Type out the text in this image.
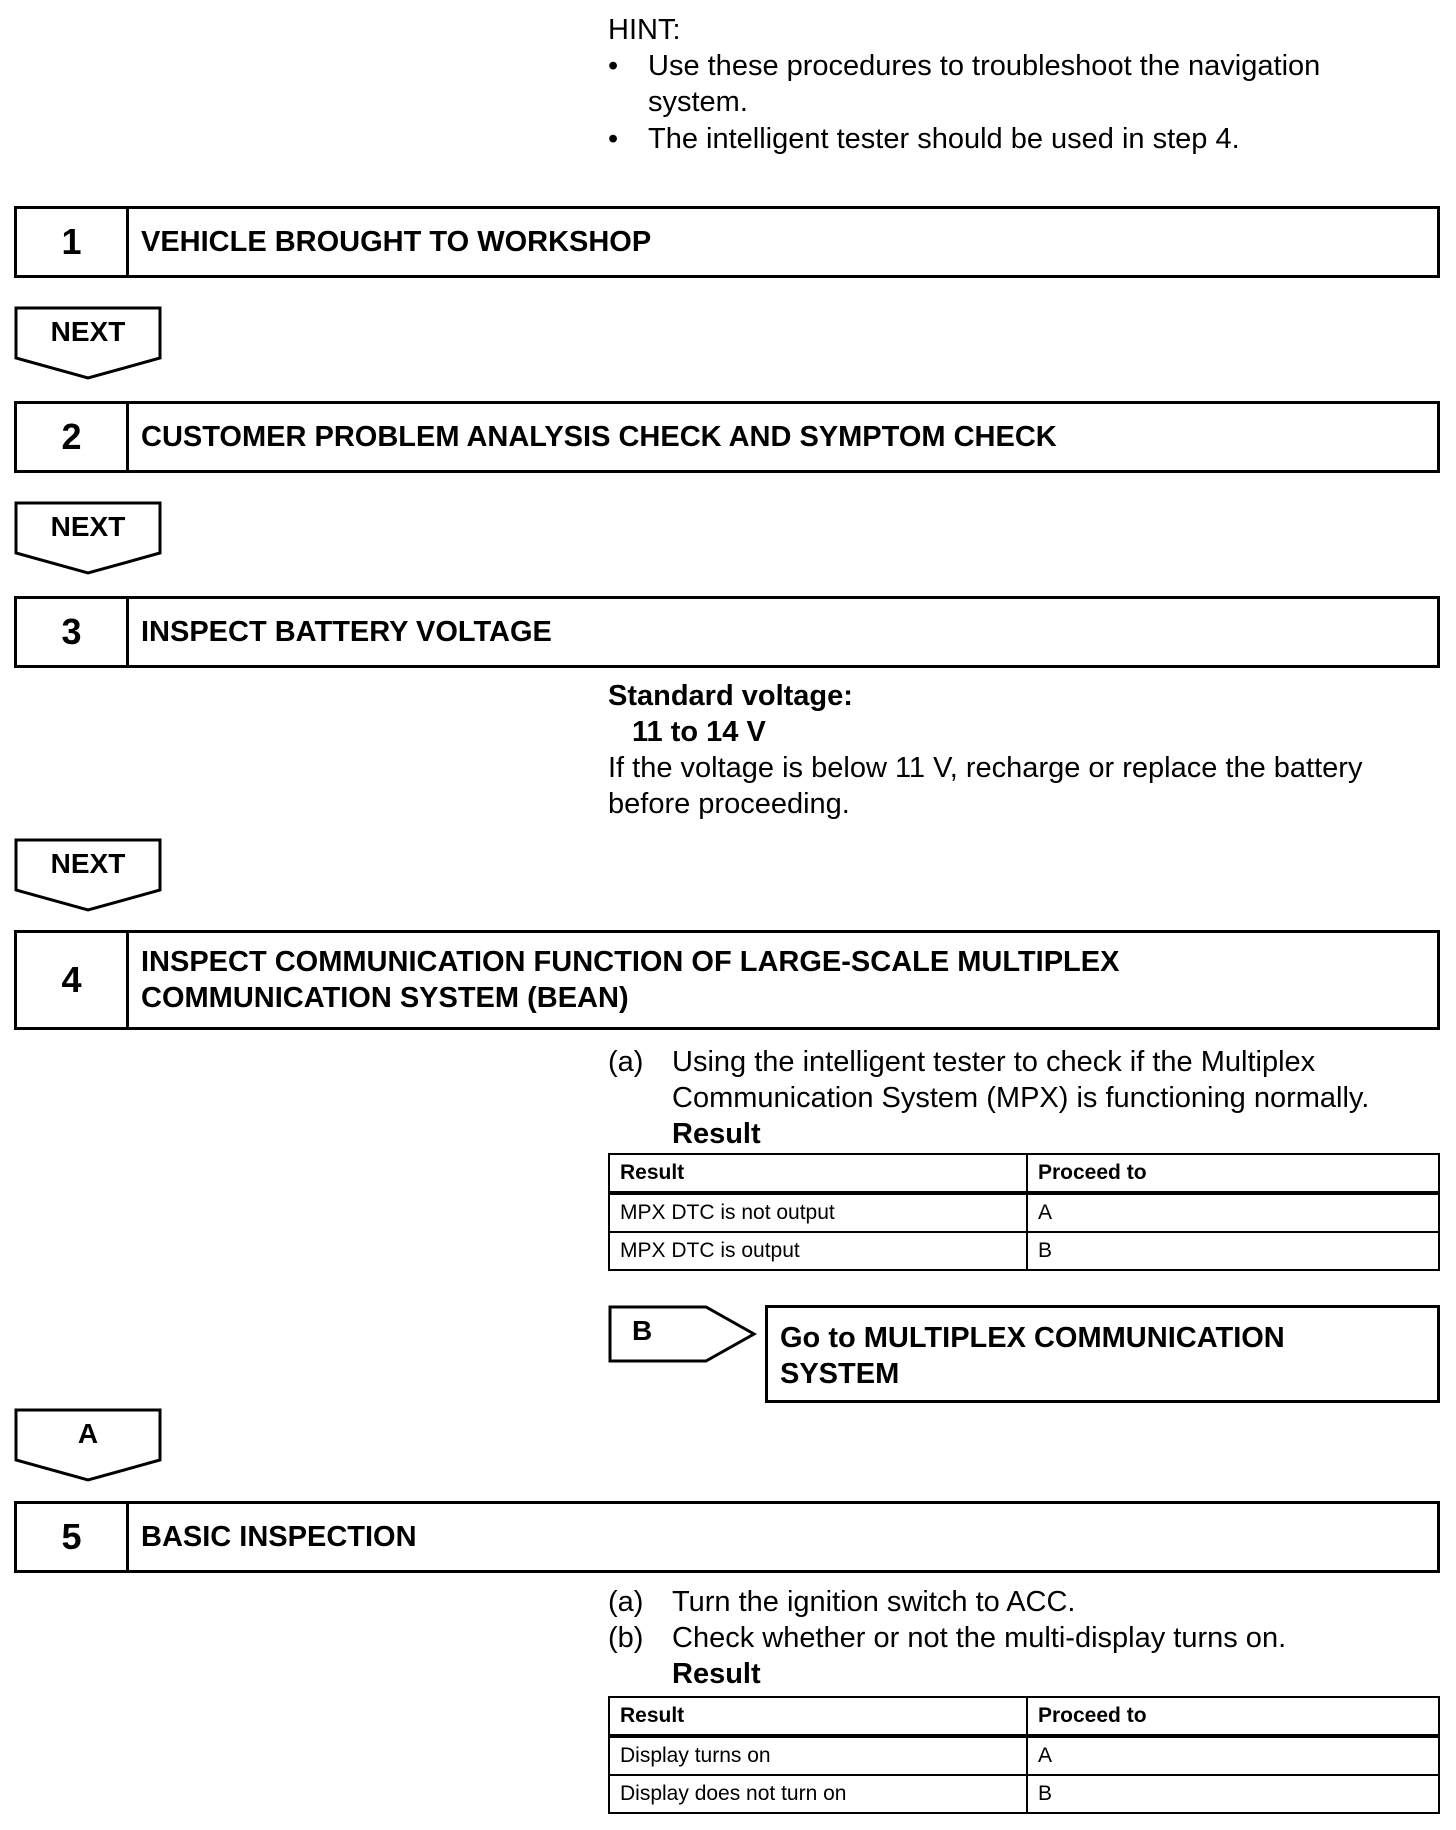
HINT:
• Use these procedures to troubleshoot the navigation
system.
• The intelligent tester should be used in step 4.
1	VEHICLE BROUGHT TO WORKSHOP
NEXT
2	CUSTOMER PROBLEM ANALYSIS CHECK AND SYMPTOM CHECK
NEXT
3	INSPECT BATTERY VOLTAGE
Standard voltage:
11 to 14 V
If the voltage is below 11 V, recharge or replace the battery
before proceeding.
NEXT
4	INSPECT COMMUNICATION FUNCTION OF LARGE-SCALE MULTIPLEX
COMMUNICATION SYSTEM (BEAN)
(a) Using the intelligent tester to check if the Multiplex
Communication System (MPX) is functioning normally.
Result
Result	Proceed to
MPX DTC is not output	A
MPX DTC is output	B
B	Go to MULTIPLEX COMMUNICATION
SYSTEM
A
5	BASIC INSPECTION
(a) Turn the ignition switch to ACC.
(b) Check whether or not the multi-display turns on.
Result
Result	Proceed to
Display turns on	A
Display does not turn on	B
